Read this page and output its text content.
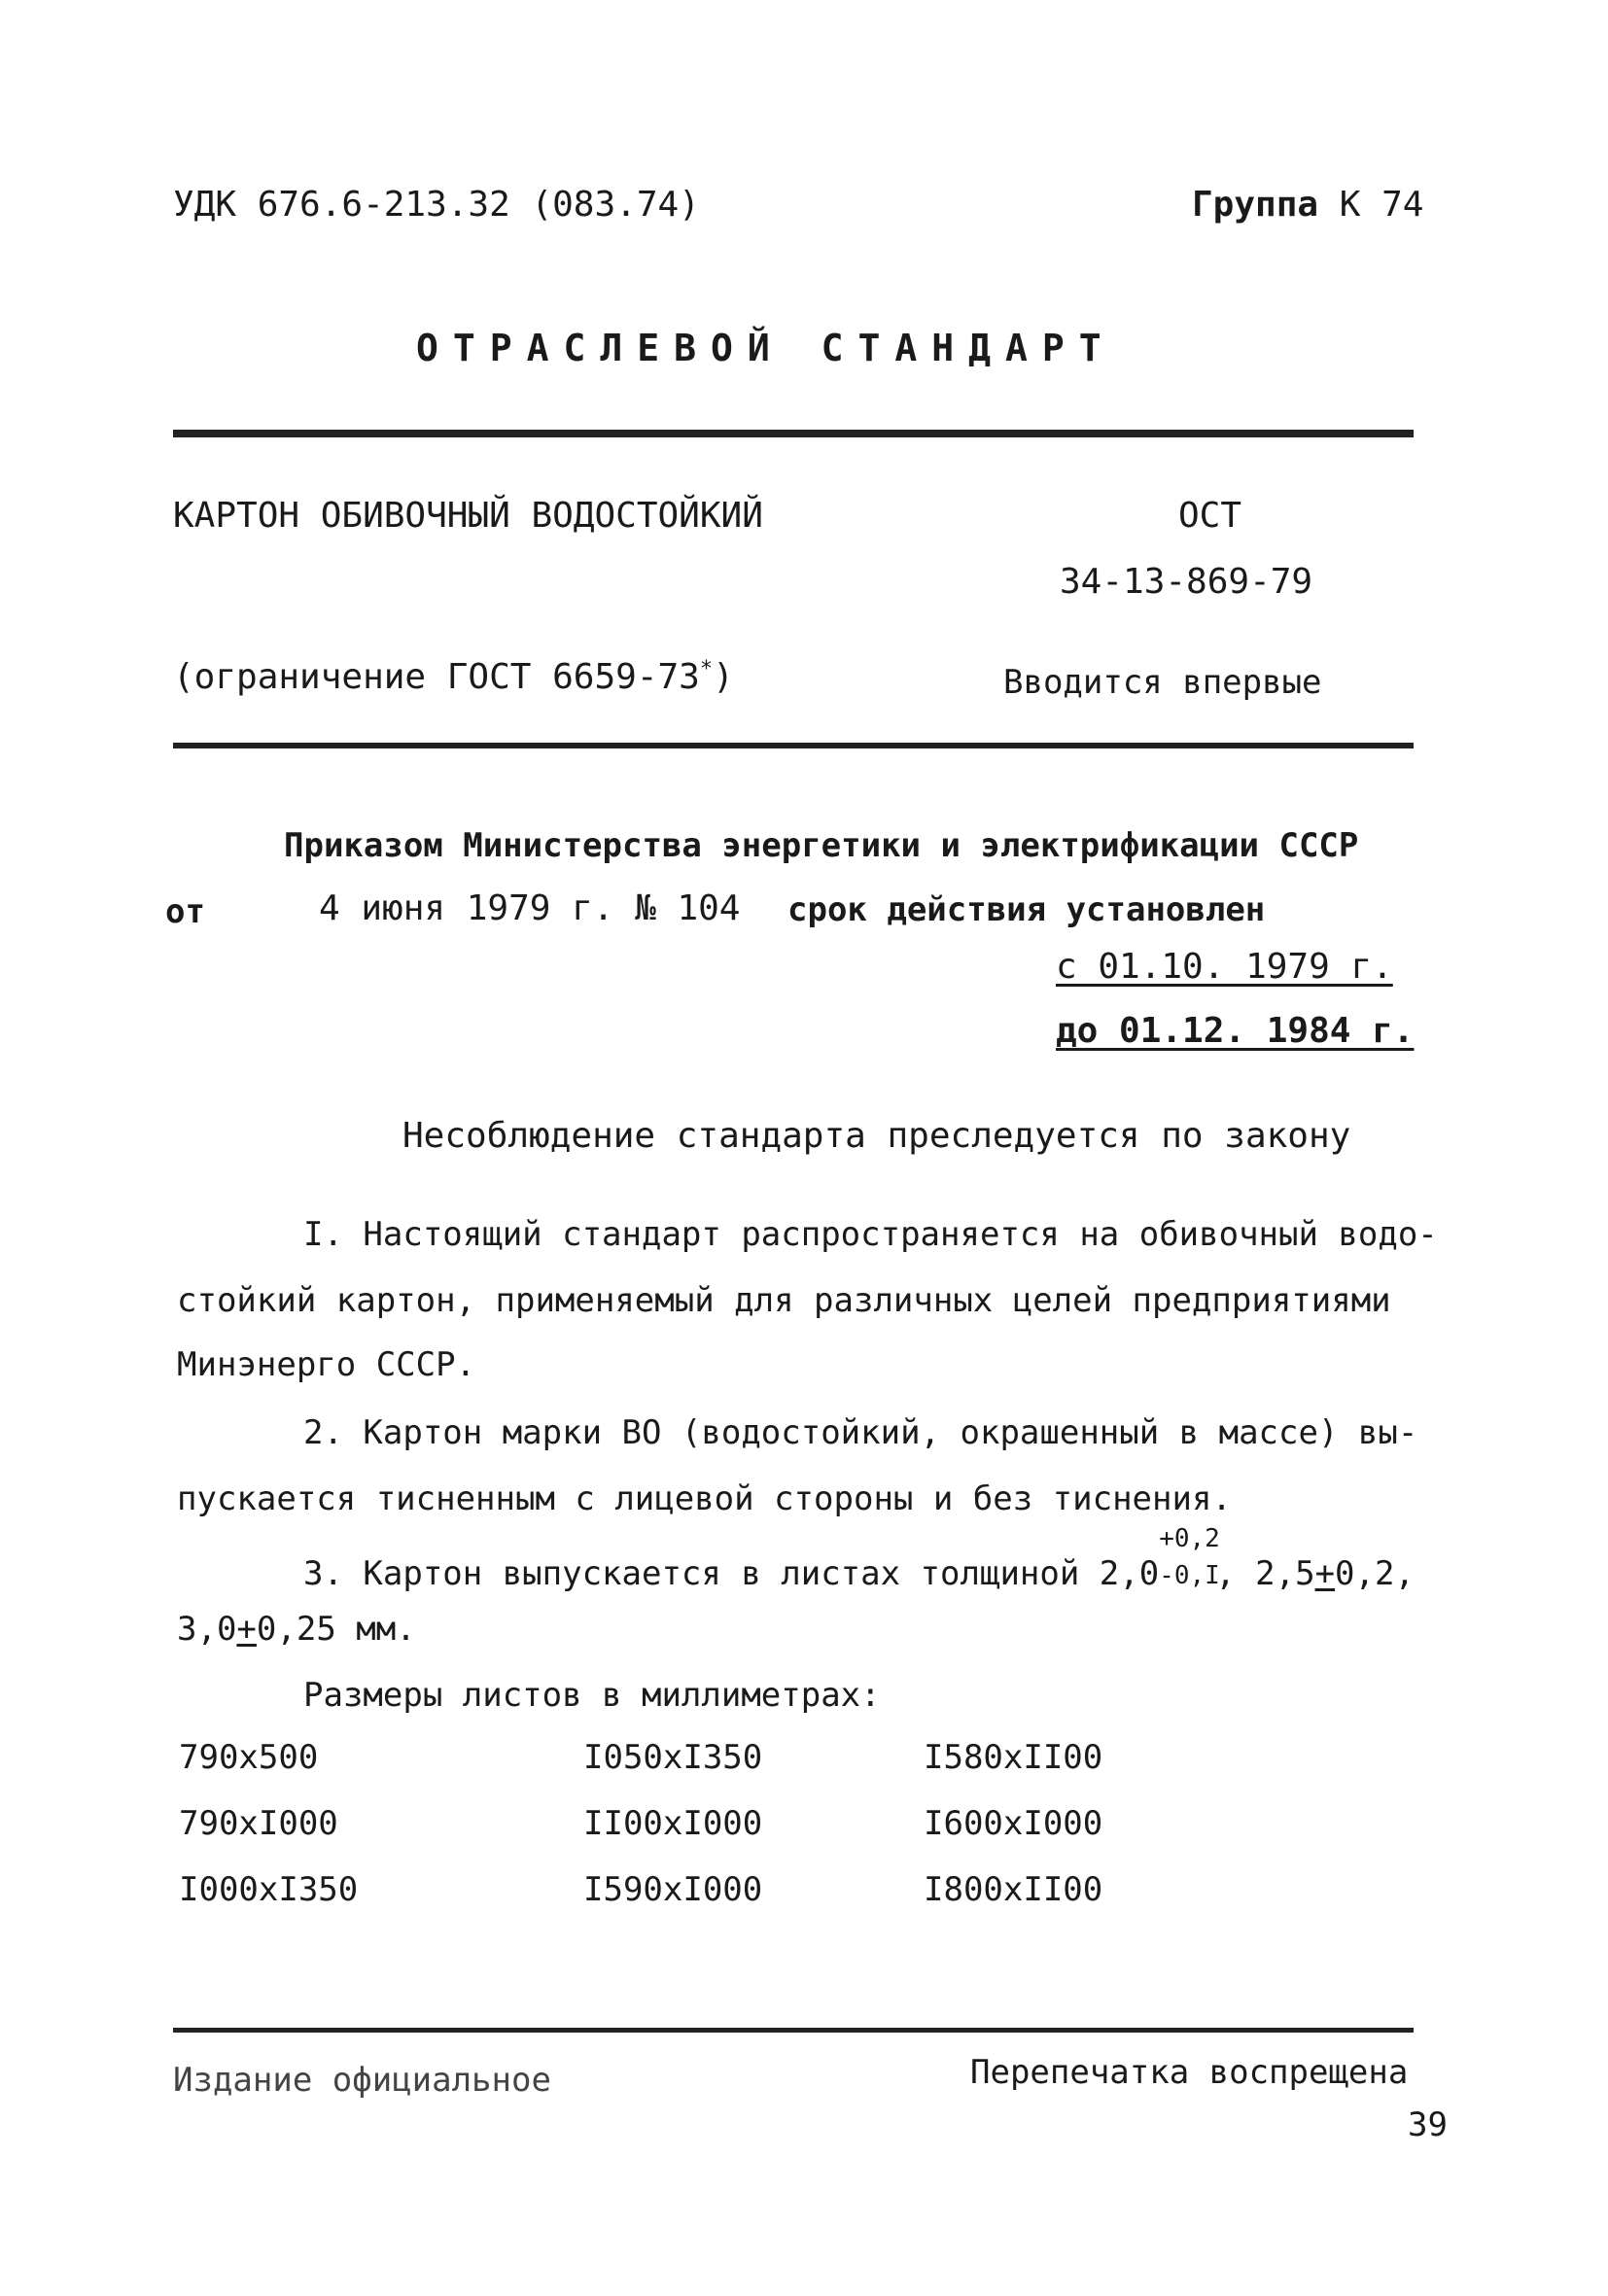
УДК 676.6-213.32 (083.74)	Группа К 74
ОТРАСЛЕВОЙ СТАНДАРТ
КАРТОН ОБИВОЧНЫЙ ВОДОСТОЙКИЙ	ОСТ
34-13-869-79
(ограничение ГОСТ 6659-73*)	Вводится впервые
Приказом Министерства энергетики и электрификации СССР
от	4 июня 1979 г. № 104 срок действия установлен
с 01.10. 1979 г.
до 01.12. 1984 г.
Несоблюдение стандарта преследуется по закону
I. Настоящий стандарт распространяется на обивочный водо-
стойкий картон, применяемый для различных целей предприятиями
Минэнерго СССР.
2. Картон марки ВО (водостойкий, окрашенный в массе) вы-
пускается тисненным с лицевой стороны и без тиснения.
3. Картон выпускается в листах толщиной 2,0
+0,2
-0,I
, 2,5+0,2,
3,0+0,25 мм.
Размеры листов в миллиметрах:
790x500	I050xI350	I580xII00
790xI000	II00xI000	I600xI000
I000xI350	I590xI000	I800xII00
Издание официальное	Перепечатка воспрещена
39
